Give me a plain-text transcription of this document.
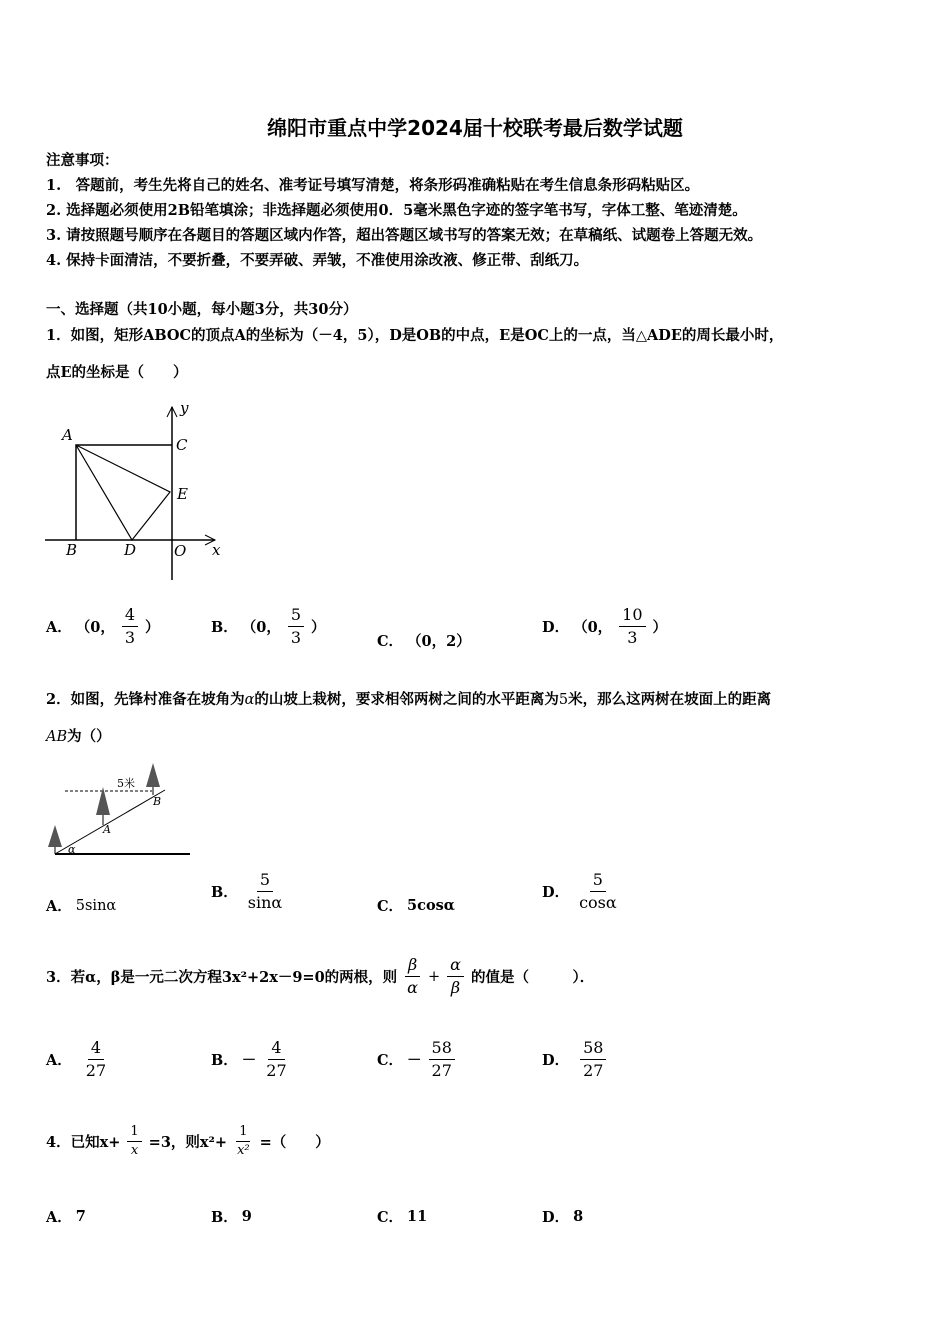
绵阳市重点中学2024届十校联考最后数学试题
注意事项：
1.　答题前，考生先将自己的姓名、准考证号填写清楚，将条形码准确粘贴在考生信息条形码粘贴区。
2. 选择题必须使用2B铅笔填涂；非选择题必须使用0．5毫米黑色字迹的签字笔书写，字体工整、笔迹清楚。
3. 请按照题号顺序在各题目的答题区域内作答，超出答题区域书写的答案无效；在草稿纸、试题卷上答题无效。
4. 保持卡面清洁，不要折叠，不要弄破、弄皱，不准使用涂改液、修正带、刮纸刀。
一、选择题（共10小题，每小题3分，共30分）
1．如图，矩形ABOC的顶点A的坐标为（－4，5），D是OB的中点，E是OC上的一点，当△ADE的周长最小时，
点E的坐标是（　　）
A
C
E
B	D	O x
y
A． （0， $\frac{4}{3}$ ）	B． （0， $\frac{5}{3}$ ）
C． （0，2）
D． （0， $\frac{10}{3}$ ）
2．如图，先锋村准备在坡角为α的山坡上栽树，要求相邻两树之间的水平距离为5米，那么这两树在坡面上的距离
AB为（）
5米
A
B
α
A． 5sinα
B． $\frac{5}{\sin\alpha}$	C． 5cosα
D． $\frac{5}{\cos\alpha}$
3．若α，β是一元二次方程3x²+2x－9=0的两根，则 $\frac{\beta}{\alpha} + \frac{\alpha}{\beta}$ 的值是（　　　）．
A． $\frac{4}{27}$	B． － $\frac{4}{27}$	C． － $\frac{58}{27}$	D． $\frac{58}{27}$
4．已知$x+ \frac{1}{x} =3$，则$x^2+ \frac{1}{\text{x²}}$ =（　　）
A． 7	B． 9	C． 11	D． 8
